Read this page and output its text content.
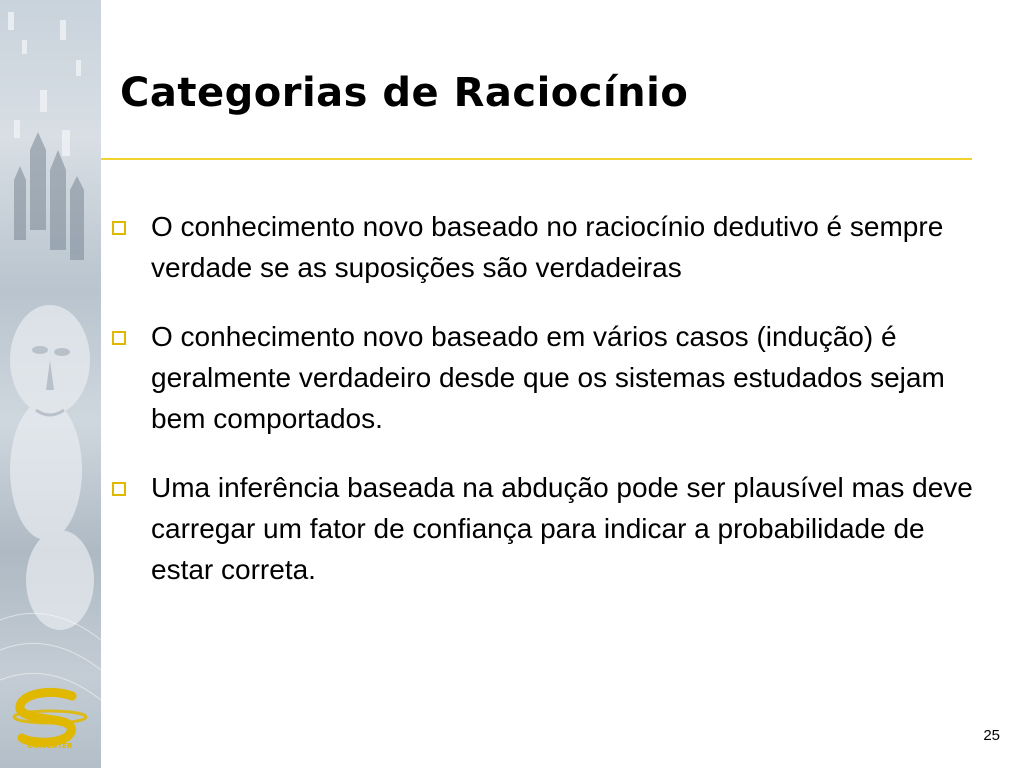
Categorias de Raciocínio
O conhecimento novo baseado no raciocínio dedutivo é sempre verdade se as suposições são verdadeiras
O conhecimento novo baseado em vários casos (indução) é geralmente verdadeiro desde que os sistemas estudados sejam bem comportados.
Uma inferência baseada na abdução pode ser plausível mas deve carregar um fator de confiança para indicar a probabilidade de estar correta.
UNICENTER
25
